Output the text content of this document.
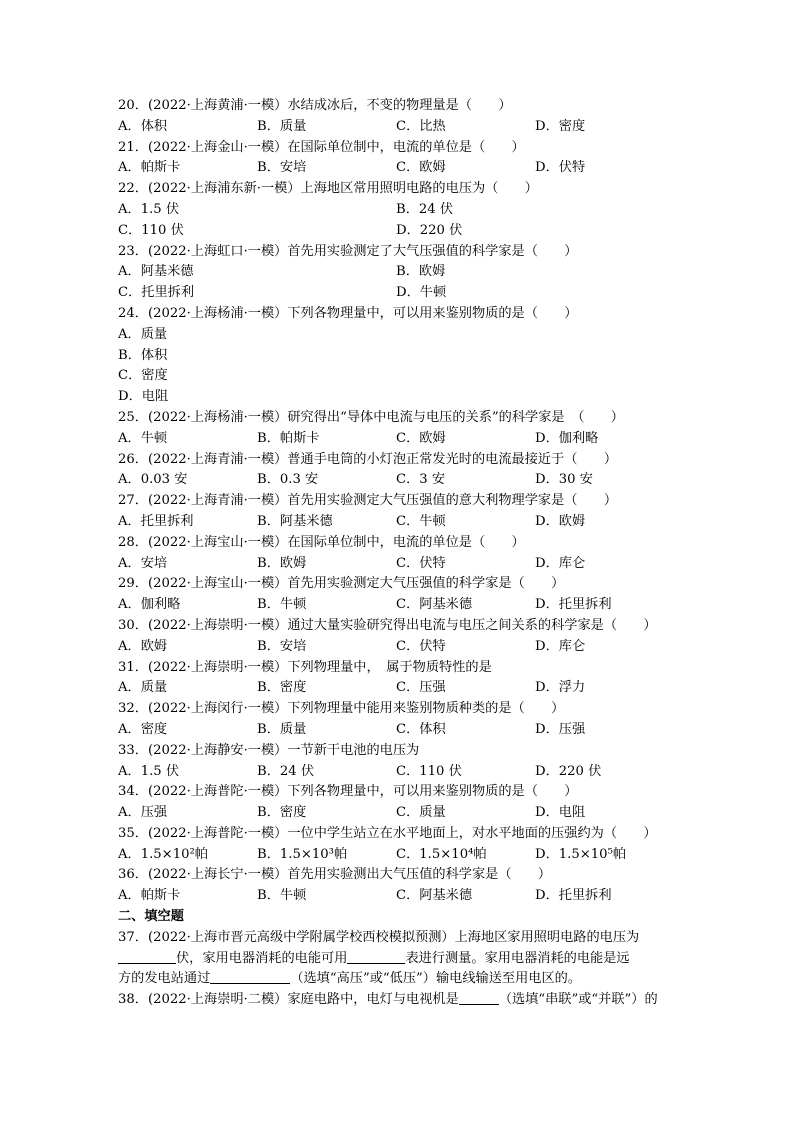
20．(2022·上海黄浦·一模）水结成冰后，不变的物理量是（　　）
A．体积	B．质量	C．比热	D．密度
21．(2022·上海金山·一模）在国际单位制中，电流的单位是（　　）
A．帕斯卡	B．安培	C．欧姆	D．伏特
22．(2022·上海浦东新·一模）上海地区常用照明电路的电压为（　　）
A．1.5 伏	B．24 伏
C．110 伏	D．220 伏
23．(2022·上海虹口·一模）首先用实验测定了大气压强值的科学家是（　　）
A．阿基米德	B．欧姆
C．托里拆利	D．牛顿
24．(2022·上海杨浦·一模）下列各物理量中，可以用来鉴别物质的是（　　）
A．质量
B．体积
C．密度
D．电阻
25．(2022·上海杨浦·一模）研究得出“导体中电流与电压的关系”的科学家是　（　　）
A．牛顿	B．帕斯卡	C．欧姆	D．伽利略
26．(2022·上海青浦·一模）普通手电筒的小灯泡正常发光时的电流最接近于（　　）
A．0.03 安	B．0.3 安	C．3 安	D．30 安
27．(2022·上海青浦·一模）首先用实验测定大气压强值的意大利物理学家是（　　）
A．托里拆利	B．阿基米德	C．牛顿	D．欧姆
28．(2022·上海宝山·一模）在国际单位制中，电流的单位是（　　）
A．安培	B．欧姆	C．伏特	D．库仑
29．(2022·上海宝山·一模）首先用实验测定大气压强值的科学家是（　　）
A．伽利略	B．牛顿	C．阿基米德	D．托里拆利
30．(2022·上海崇明·一模）通过大量实验研究得出电流与电压之间关系的科学家是（　　）
A．欧姆	B．安培	C．伏特	D．库仑
31．(2022·上海崇明·一模）下列物理量中，　属于物质特性的是
A．质量	B．密度	C．压强	D．浮力
32．(2022·上海闵行·一模）下列物理量中能用来鉴别物质种类的是（　　）
A．密度	B．质量	C．体积	D．压强
33．(2022·上海静安·一模）一节新干电池的电压为
A．1.5 伏	B．24 伏	C．110 伏	D．220 伏
34．(2022·上海普陀·一模）下列各物理量中，可以用来鉴别物质的是（　　）
A．压强	B．密度	C．质量	D．电阻
35．(2022·上海普陀·一模）一位中学生站立在水平地面上，对水平地面的压强约为（　　）
A．1.5×10²帕	B．1.5×10³帕	C．1.5×10⁴帕	D．1.5×10⁵帕
36．(2022·上海长宁·一模）首先用实验测出大气压值的科学家是（　　）
A．帕斯卡	B．牛顿	C．阿基米德	D．托里拆利
二、填空题
37．(2022·上海市晋元高级中学附属学校西校模拟预测）上海地区家用照明电路的电压为
伏，家用电器消耗的电能可用	表进行测量。家用电器消耗的电能是远
方的发电站通过	（选填“高压”或“低压”）输电线输送至用电区的。
38．(2022·上海崇明·二模）家庭电路中，电灯与电视机是	（选填“串联”或“并联”）的
